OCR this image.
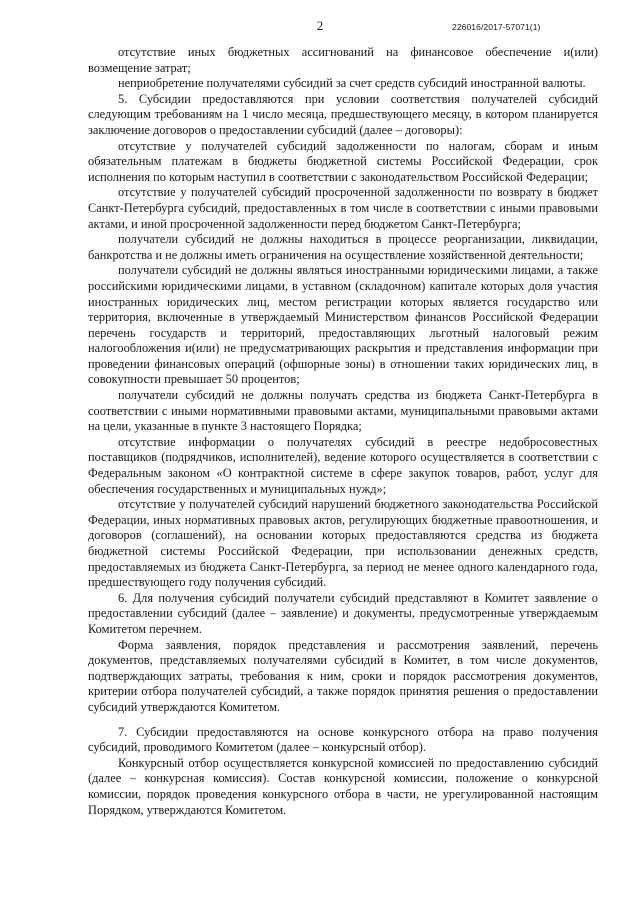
2	226016/2017-57071(1)

отсутствие иных бюджетных ассигнований на финансовое обеспечение и(или) возмещение затрат;

неприобретение получателями субсидий за счет средств субсидий иностранной валюты.

5. Субсидии предоставляются при условии соответствия получателей субсидий следующим требованиям на 1 число месяца, предшествующего месяцу, в котором планируется заключение договоров о предоставлении субсидий (далее – договоры):

отсутствие у получателей субсидий задолженности по налогам, сборам и иным обязательным платежам в бюджеты бюджетной системы Российской Федерации, срок исполнения по которым наступил в соответствии с законодательством Российской Федерации;

отсутствие у получателей субсидий просроченной задолженности по возврату в бюджет Санкт-Петербурга субсидий, предоставленных в том числе в соответствии с иными правовыми актами, и иной просроченной задолженности перед бюджетом Санкт-Петербурга;

получатели субсидий не должны находиться в процессе реорганизации, ликвидации, банкротства и не должны иметь ограничения на осуществление хозяйственной деятельности;

получатели субсидий не должны являться иностранными юридическими лицами, а также российскими юридическими лицами, в уставном (складочном) капитале которых доля участия иностранных юридических лиц, местом регистрации которых является государство или территория, включенные в утверждаемый Министерством финансов Российской Федерации перечень государств и территорий, предоставляющих льготный налоговый режим налогообложения и(или) не предусматривающих раскрытия и представления информации при проведении финансовых операций (офшорные зоны) в отношении таких юридических лиц, в совокупности превышает 50 процентов;

получатели субсидий не должны получать средства из бюджета Санкт-Петербурга в соответствии с иными нормативными правовыми актами, муниципальными правовыми актами на цели, указанные в пункте 3 настоящего Порядка;

отсутствие информации о получателях субсидий в реестре недобросовестных поставщиков (подрядчиков, исполнителей), ведение которого осуществляется в соответствии с Федеральным законом «О контрактной системе в сфере закупок товаров, работ, услуг для обеспечения государственных и муниципальных нужд»;

отсутствие у получателей субсидий нарушений бюджетного законодательства Российской Федерации, иных нормативных правовых актов, регулирующих бюджетные правоотношения, и договоров (соглашений), на основании которых предоставляются средства из бюджета бюджетной системы Российской Федерации, при использовании денежных средств, предоставляемых из бюджета Санкт-Петербурга, за период не менее одного календарного года, предшествующего году получения субсидий.

6. Для получения субсидий получатели субсидий представляют в Комитет заявление о предоставлении субсидий (далее – заявление) и документы, предусмотренные утверждаемым Комитетом перечнем.

Форма заявления, порядок представления и рассмотрения заявлений, перечень документов, представляемых получателями субсидий в Комитет, в том числе документов, подтверждающих затраты, требования к ним, сроки и порядок рассмотрения документов, критерии отбора получателей субсидий, а также порядок принятия решения о предоставлении субсидий утверждаются Комитетом.

7. Субсидии предоставляются на основе конкурсного отбора на право получения субсидий, проводимого Комитетом (далее – конкурсный отбор).

Конкурсный отбор осуществляется конкурсной комиссией по предоставлению субсидий (далее – конкурсная комиссия). Состав конкурсной комиссии, положение о конкурсной комиссии, порядок проведения конкурсного отбора в части, не урегулированной настоящим Порядком, утверждаются Комитетом.
